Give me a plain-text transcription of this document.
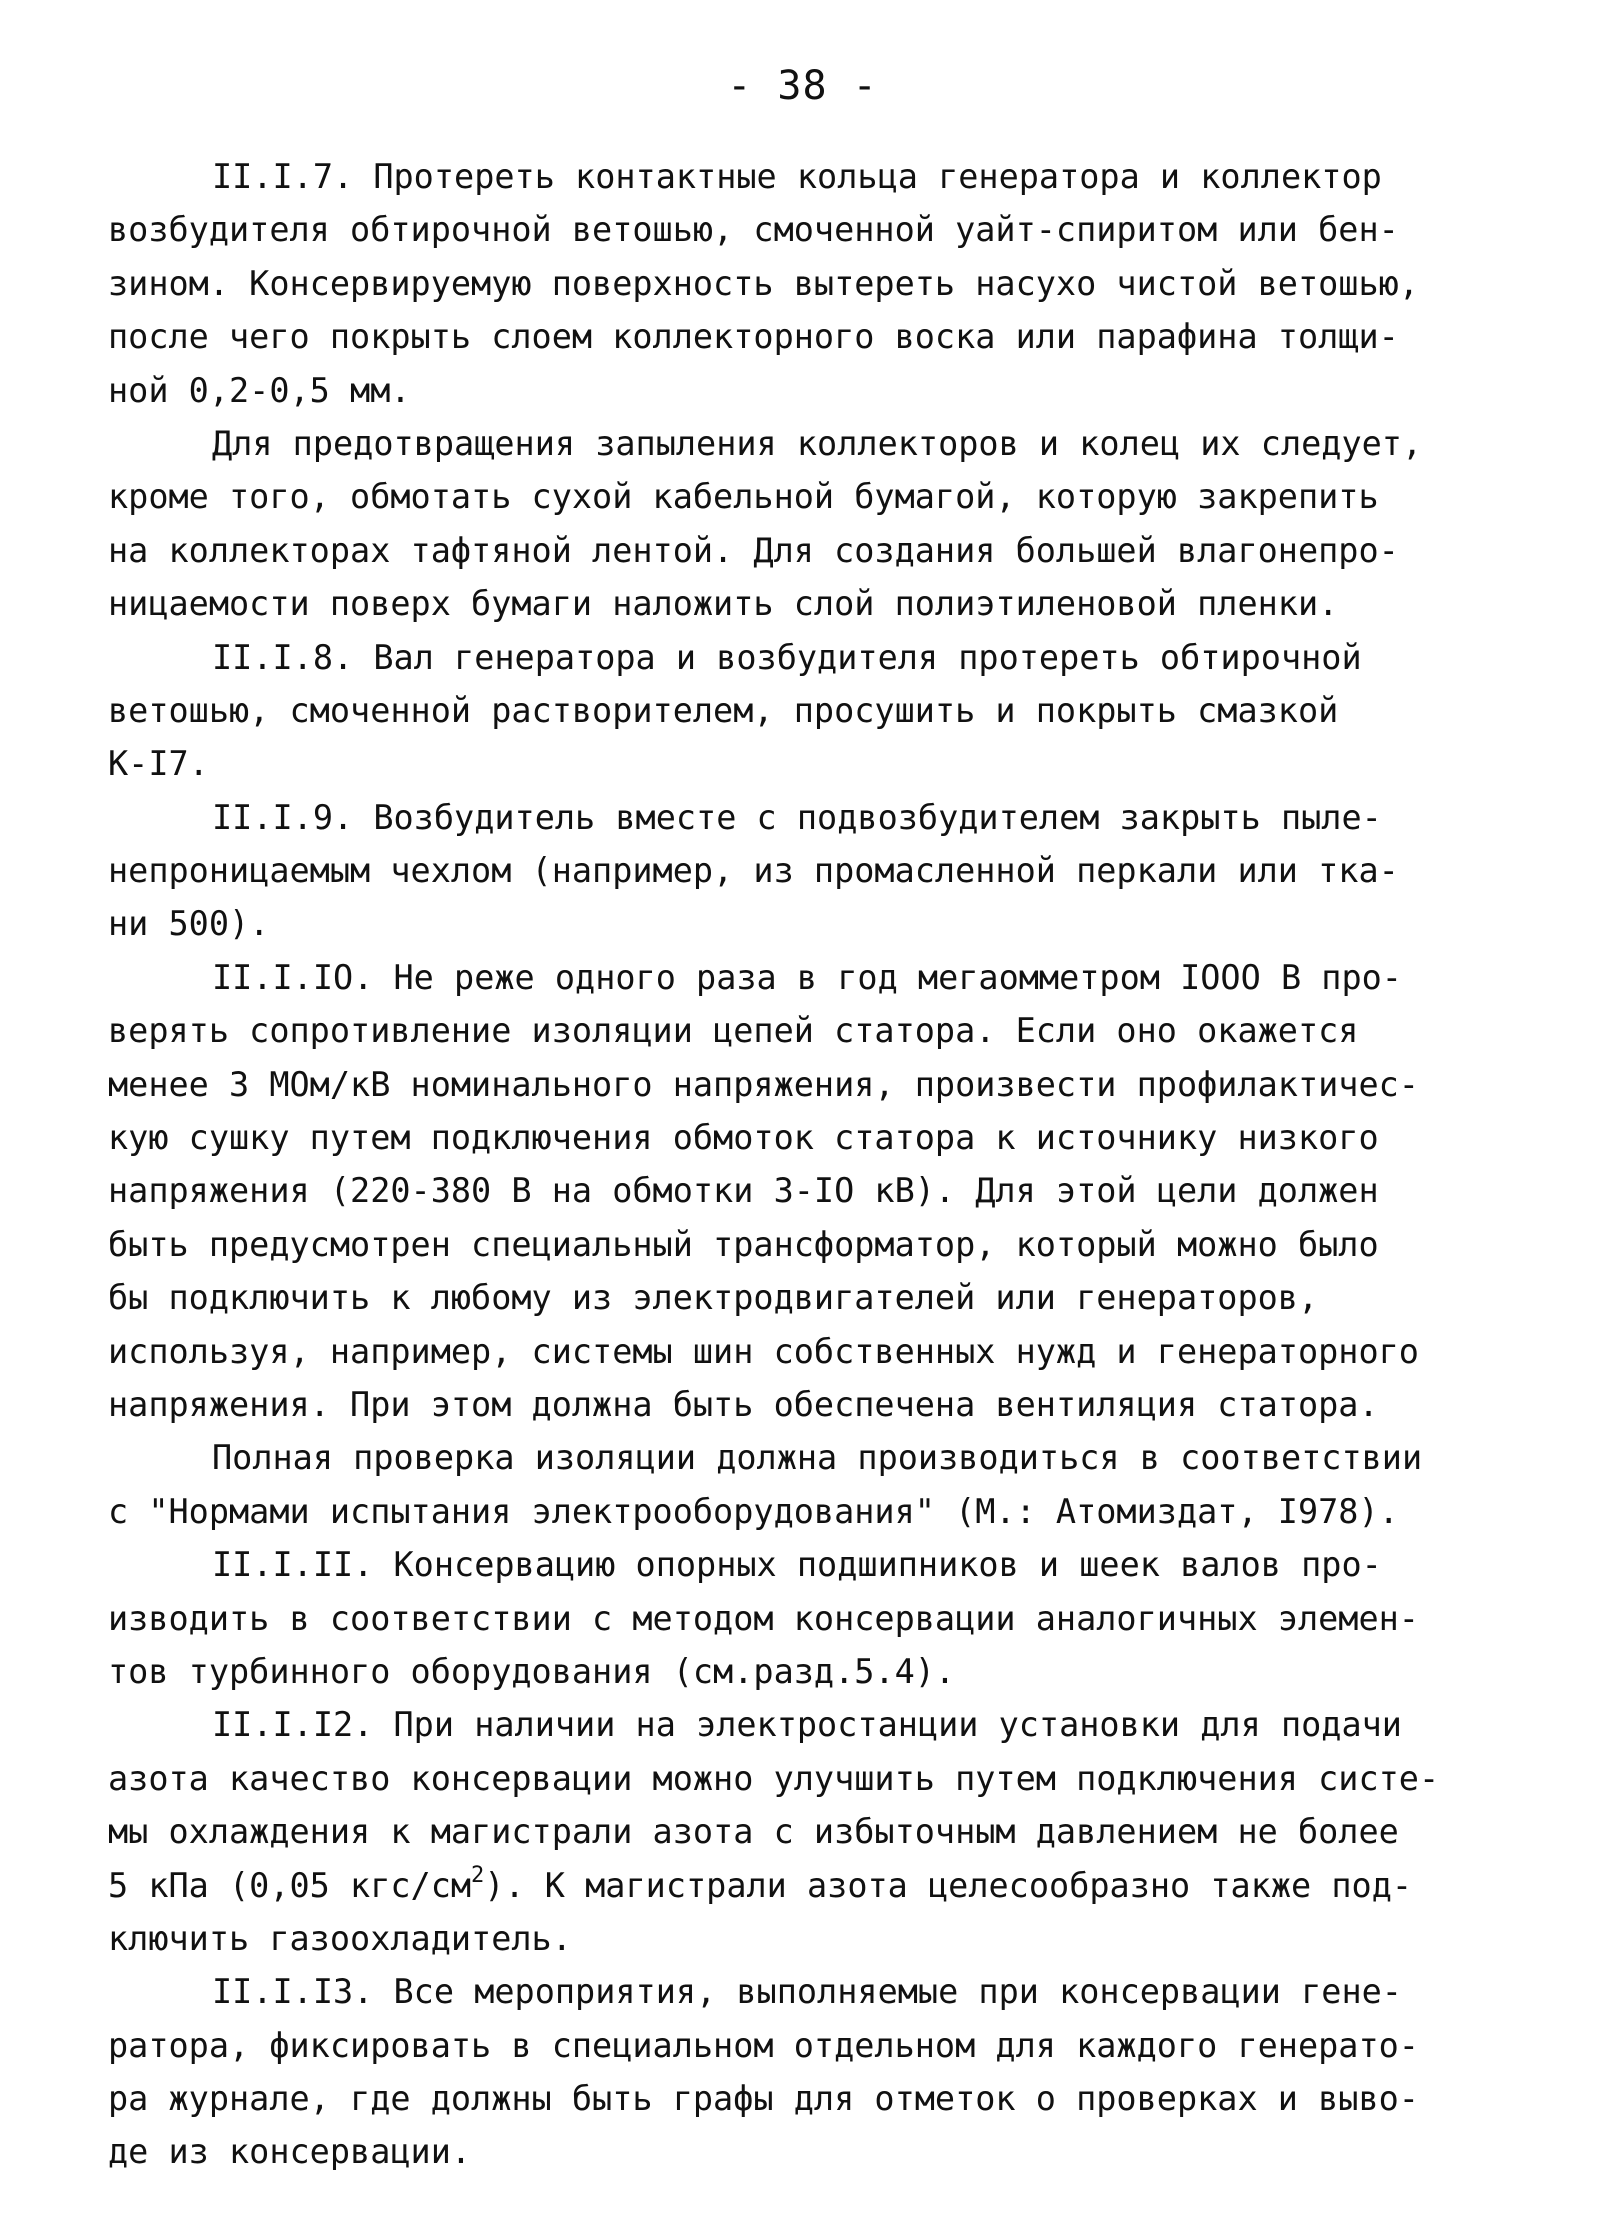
- 38 -
II.I.7. Протереть контактные кольца генератора и коллектор
возбудителя обтирочной ветошью, смоченной уайт-спиритом или бен-
зином. Консервируемую поверхность вытереть насухо чистой ветошью,
после чего покрыть слоем коллекторного воска или парафина толщи-
ной 0,2-0,5 мм.
Для предотвращения запыления коллекторов и колец их следует,
кроме того, обмотать сухой кабельной бумагой, которую закрепить
на коллекторах тафтяной лентой. Для создания большей влагонепро-
ницаемости поверх бумаги наложить слой полиэтиленовой пленки.
II.I.8. Вал генератора и возбудителя протереть обтирочной
ветошью, смоченной растворителем, просушить и покрыть смазкой
К-I7.
II.I.9. Возбудитель вместе с подвозбудителем закрыть пыле-
непроницаемым чехлом (например, из промасленной перкали или тка-
ни 500).
II.I.IO. Не реже одного раза в год мегаомметром IOOO В про-
верять сопротивление изоляции цепей статора. Если оно окажется
менее 3 МОм/кВ номинального напряжения, произвести профилактичес-
кую сушку путем подключения обмоток статора к источнику низкого
напряжения (220-380 В на обмотки 3-IO кВ). Для этой цели должен
быть предусмотрен специальный трансформатор, который можно было
бы подключить к любому из электродвигателей или генераторов,
используя, например, системы шин собственных нужд и генераторного
напряжения. При этом должна быть обеспечена вентиляция статора.
Полная проверка изоляции должна производиться в соответствии
с "Нормами испытания электрооборудования" (М.: Атомиздат, I978).
II.I.II. Консервацию опорных подшипников и шеек валов про-
изводить в соответствии с методом консервации аналогичных элемен-
тов турбинного оборудования (см.разд.5.4).
II.I.I2. При наличии на электростанции установки для подачи
азота качество консервации можно улучшить путем подключения систе-
мы охлаждения к магистрали азота с избыточным давлением не более
5 кПа (0,05 кгс/$см^2$). К магистрали азота целесообразно также под-
ключить газоохладитель.
II.I.I3. Все мероприятия, выполняемые при консервации гене-
ратора, фиксировать в специальном отдельном для каждого генерато-
ра журнале, где должны быть графы для отметок о проверках и выво-
де из консервации.
